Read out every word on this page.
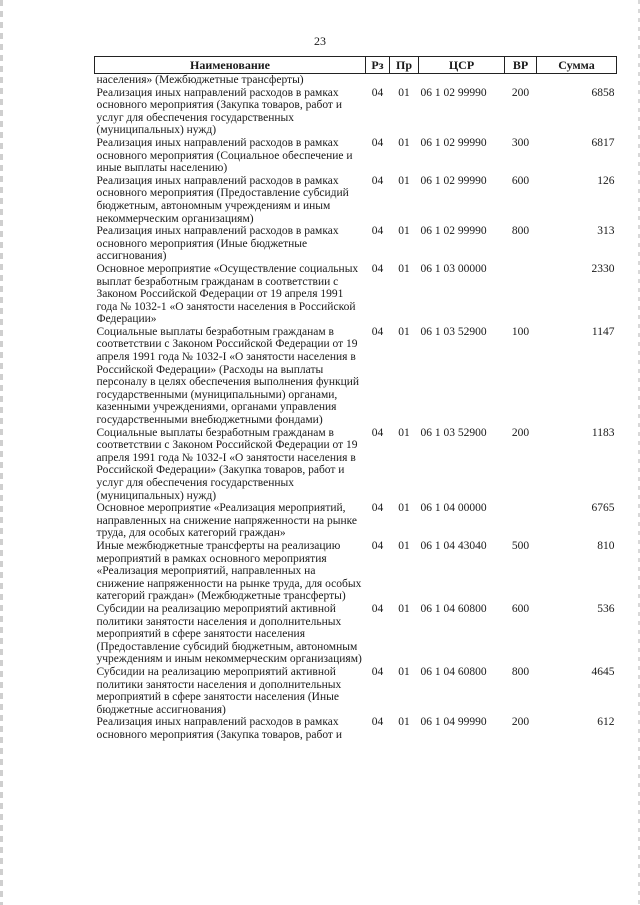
23
Наименование	Рз	Пр	ЦСР	ВР	Сумма
населения» (Межбюджетные трансферты)					
Реализация иных направлений расходов в рамках основного мероприятия (Закупка товаров, работ и услуг для обеспечения государственных (муниципальных) нужд)	04	01	06 1 02 99990	200	6858
Реализация иных направлений расходов в рамках основного мероприятия (Социальное обеспечение и иные выплаты населению)	04	01	06 1 02 99990	300	6817
Реализация иных направлений расходов в рамках основного мероприятия (Предоставление субсидий бюджетным, автономным учреждениям и иным некоммерческим организациям)	04	01	06 1 02 99990	600	126
Реализация иных направлений расходов в рамках основного мероприятия (Иные бюджетные ассигнования)	04	01	06 1 02 99990	800	313
Основное мероприятие «Осуществление социальных выплат безработным гражданам в соответствии с Законом Российской Федерации от 19 апреля 1991 года № 1032-1 «О занятости населения в Российской Федерации»	04	01	06 1 03 00000		2330
Социальные выплаты безработным гражданам в соответствии с Законом Российской Федерации от 19 апреля 1991 года № 1032-I «О занятости населения в Российской Федерации» (Расходы на выплаты персоналу в целях обеспечения выполнения функций государственными (муниципальными) органами, казенными учреждениями, органами управления государственными внебюджетными фондами)	04	01	06 1 03 52900	100	1147
Социальные выплаты безработным гражданам в соответствии с Законом Российской Федерации от 19 апреля 1991 года № 1032-I «О занятости населения в Российской Федерации» (Закупка товаров, работ и услуг для обеспечения государственных (муниципальных) нужд)	04	01	06 1 03 52900	200	1183
Основное мероприятие «Реализация мероприятий, направленных на снижение напряженности на рынке труда, для особых категорий граждан»	04	01	06 1 04 00000		6765
Иные межбюджетные трансферты на реализацию мероприятий в рамках основного мероприятия «Реализация мероприятий, направленных на снижение напряженности на рынке труда, для особых категорий граждан» (Межбюджетные трансферты)	04	01	06 1 04 43040	500	810
Субсидии на реализацию мероприятий активной политики занятости населения и дополнительных мероприятий в сфере занятости населения (Предоставление субсидий бюджетным, автономным учреждениям и иным некоммерческим организациям)	04	01	06 1 04 60800	600	536
Субсидии на реализацию мероприятий активной политики занятости населения и дополнительных мероприятий в сфере занятости населения (Иные бюджетные ассигнования)	04	01	06 1 04 60800	800	4645
Реализация иных направлений расходов в рамках основного мероприятия (Закупка товаров, работ и	04	01	06 1 04 99990	200	612
